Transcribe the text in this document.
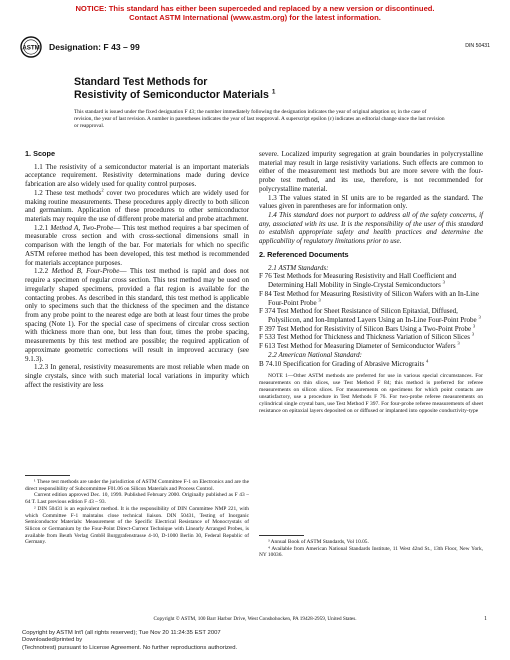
NOTICE: This standard has either been superceded and replaced by a new version or discontinued.
Contact ASTM International (www.astm.org) for the latest information.
ASTM Designation: F 43 – 99	DIN 50431
Standard Test Methods for
Resistivity of Semiconductor Materials $^1$
This standard is issued under the fixed designation F 43; the number immediately following the designation indicates the year of original adoption or, in the case of revision, the year of last revision. A number in parentheses indicates the year of last reapproval. A superscript epsilon (ε) indicates an editorial change since the last revision or reapproval.
1. Scope

1.1 The resistivity of a semiconductor material is an important materials acceptance requirement. Resistivity determinations made during device fabrication are also widely used for quality control purposes.

1.2 These test methods$^2$ cover two procedures which are widely used for making routine measurements. These procedures apply directly to both silicon and germanium. Application of these procedures to other semiconductor materials may require the use of different probe material and probe attachment.

1.2.1 Method A, Two-Probe— This test method requires a bar specimen of measurable cross section and with cross-sectional dimensions small in comparison with the length of the bar. For materials for which no specific ASTM referee method has been developed, this test method is recommended for materials acceptance purposes.

1.2.2 Method B, Four-Probe— This test method is rapid and does not require a specimen of regular cross section. This test method may be used on irregularly shaped specimens, provided a flat region is available for the contacting probes. As described in this standard, this test method is applicable only to specimens such that the thickness of the specimen and the distance from any probe point to the nearest edge are both at least four times the probe spacing (Note 1). For the special case of specimens of circular cross section with thickness more than one, but less than four, times the probe spacing, measurements by this test method are possible; the required application of approximate geometric corrections will result in improved accuracy (see 9.1.3).

1.2.3 In general, resistivity measurements are most reliable when made on single crystals, since with such material local variations in impurity which affect the resistivity are less

severe. Localized impurity segregation at grain boundaries in polycrystalline material may result in large resistivity variations. Such effects are common to either of the measurement test methods but are more severe with the four-probe test method, and its use, therefore, is not recommended for polycrystalline material.

1.3 The values stated in SI units are to be regarded as the standard. The values given in parentheses are for information only.

1.4 This standard does not purport to address all of the safety concerns, if any, associated with its use. It is the responsibility of the user of this standard to establish appropriate safety and health practices and determine the applicability of regulatory limitations prior to use.

2. Referenced Documents

2.1 ASTM Standards:

F 76 Test Methods for Measuring Resistivity and Hall Coefficient and Determining Hall Mobility in Single-Crystal Semiconductors $^3$

F 84 Test Method for Measuring Resistivity of Silicon Wafers with an In-Line Four-Point Probe $^3$

F 374 Test Method for Sheet Resistance of Silicon Epitaxial, Diffused, Polysilicon, and Ion-Implanted Layers Using an In-Line Four-Point Probe $^3$

F 397 Test Method for Resistivity of Silicon Bars Using a Two-Point Probe $^3$

F 533 Test Method for Thickness and Thickness Variation of Silicon Slices $^3$

F 613 Test Method for Measuring Diameter of Semiconductor Wafers $^3$

2.2 American National Standard:

B 74.10 Specification for Grading of Abrasive Micrograits $^4$

NOTE 1—Other ASTM methods are preferred for use in various special circumstances. For measurements on thin slices, use Test Method F 84; this method is preferred for referee measurements on silicon slices. For measurements on specimens for which point contacts are unsatisfactory, use a procedure in Test Methods F 76. For two-probe referee measurements on cylindrical single crystal bars, use Test Method F 397. For four-probe referee measurements of sheet resistance on epitaxial layers deposited on or diffused or implanted into opposite conductivity-type

¹ These test methods are under the jurisdiction of ASTM Committee F-1 on Electronics and are the direct responsibility of Subcommittee F01.06 on Silicon Materials and Process Control.

Current edition approved Dec. 10, 1999. Published February 2000. Originally published as F 43 – 64 T. Last previous edition F 43 – 93.

² DIN 50431 is an equivalent method. It is the responsibility of DIN Committee NMP 221, with which Committee F-1 maintains close technical liaison. DIN 50431, Testing of Inorganic Semiconductor Materials: Measurement of the Specific Electrical Resistance of Monocrystals of Silicon or Germanium by the Four-Point Direct-Current Technique with Linearly Arranged Probes, is available from Beuth Verlag GmbH Burggrafenstrasse 4-10, D-1000 Berlin 30, Federal Republic of Germany.	³ Annual Book of ASTM Standards, Vol 10.05.

⁴ Available from American National Standards Institute, 11 West 42nd St., 13th Floor, New York, NY 10036.

Copyright © ASTM, 100 Barr Harbor Drive, West Conshohocken, PA 19428-2959, United States.	1
Copyright by ASTM Int'l (all rights reserved); Tue Nov 20 11:24:35 EST 2007
Downloaded/printed by
(Technotrest) pursuant to License Agreement. No further reproductions authorized.
